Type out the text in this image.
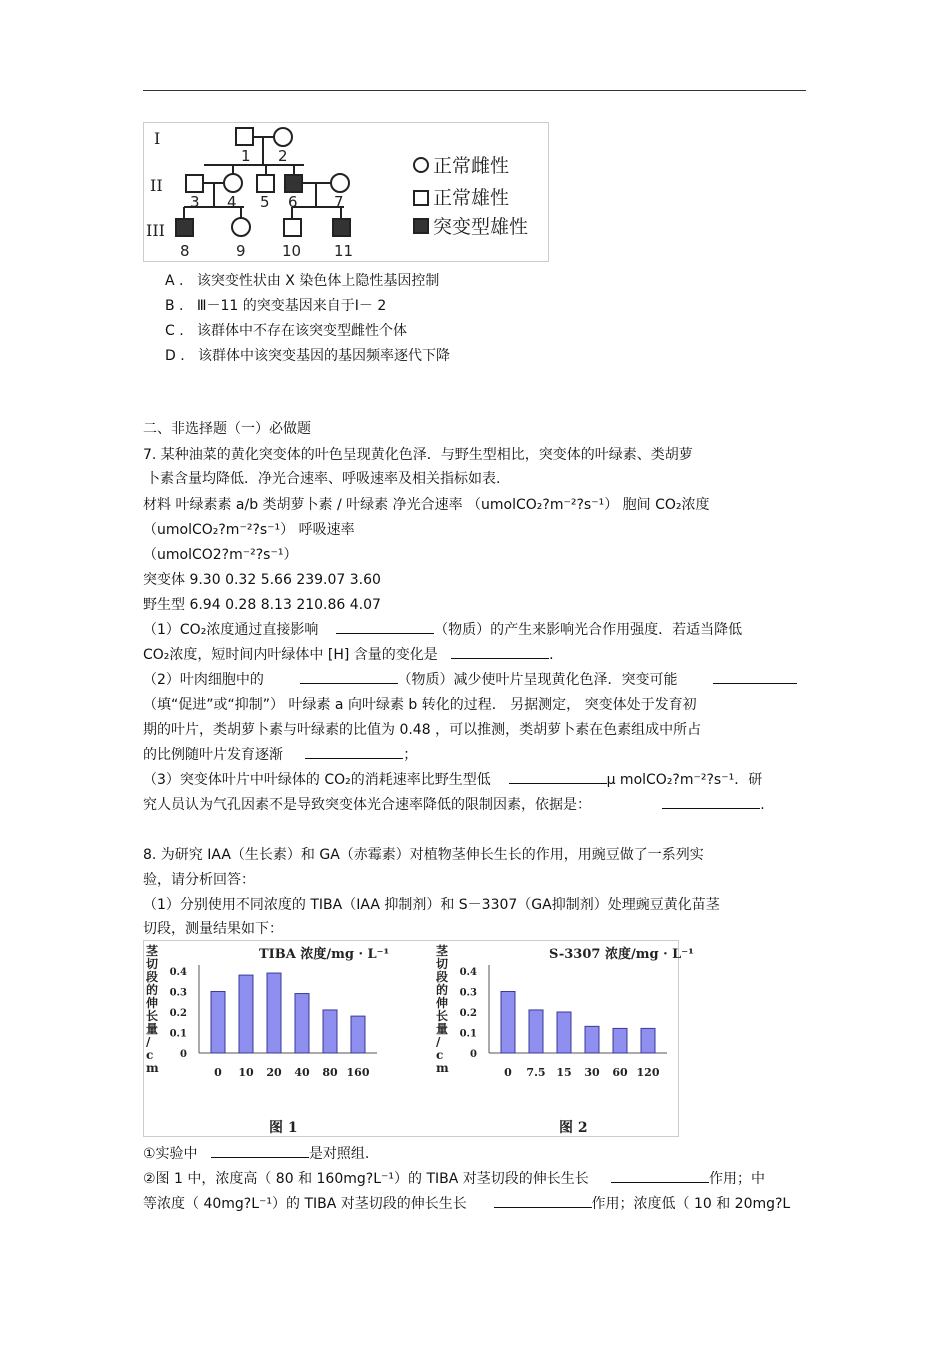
I
II
III
1 2
3 4 5 6 7
8	9 10 11
正常雌性
正常雄性
突变型雄性
A . 该突变性状由 X 染色体上隐性基因控制
B . Ⅲ－11 的突变基因来自于Ⅰ－ 2
C . 该群体中不存在该突变型雌性个体
D . 该群体中该突变基因的基因频率逐代下降
二、非选择题（一）必做题
7. 某种油菜的黄化突变体的叶色呈现黄化色泽．与野生型相比，突变体的叶绿素、类胡萝
卜素含量均降低．净光合速率、呼吸速率及相关指标如表.
材料 叶绿素素 a/b 类胡萝卜素 / 叶绿素 净光合速率 （umolCO₂?m⁻²?s⁻¹） 胞间 CO₂浓度
（umolCO₂?m⁻²?s⁻¹） 呼吸速率
（umolCO2?m⁻²?s⁻¹）
突变体 9.30 0.32 5.66 239.07 3.60
野生型 6.94 0.28 8.13 210.86 4.07
（1）CO₂浓度通过直接影响	（物质）的产生来影响光合作用强度．若适当降低
CO₂浓度，短时间内叶绿体中 [H] 含量的变化是	.
（2）叶肉细胞中的	（物质）减少使叶片呈现黄化色泽．突变可能
（填“促进”或“抑制”） 叶绿素 a 向叶绿素 b 转化的过程． 另据测定， 突变体处于发育初
期的叶片，类胡萝卜素与叶绿素的比值为 0.48 ，可以推测，类胡萝卜素在色素组成中所占
的比例随叶片发育逐渐	；
（3）突变体叶片中叶绿体的 CO₂的消耗速率比野生型低	μ molCO₂?m⁻²?s⁻¹．研
究人员认为气孔因素不是导致突变体光合速率降低的限制因素，依据是：	.
8. 为研究 IAA（生长素）和 GA（赤霉素）对植物茎伸长生长的作用，用豌豆做了一系列实
验，请分析回答：
（1）分别使用不同浓度的 TIBA（IAA 抑制剂）和 S－3307（GA抑制剂）处理豌豆黄化苗茎
切段，测量结果如下：
TIBA 浓度/mg · L⁻¹
茎
切
段
的
伸
长
量
/
c
m
0.4
0.3
0.2
0.1
0
0 10 20 40 80 160
图 1
S-3307 浓度/mg · L⁻¹
茎
切
段
的
伸
长
量
/
c
m
0.4
0.3
0.2
0.1
0
0 7.5 15 30 60 120
图 2
①实验中	是对照组.
②图 1 中，浓度高（ 80 和 160mg?L⁻¹）的 TIBA 对茎切段的伸长生长	作用；中
等浓度（ 40mg?L⁻¹）的 TIBA 对茎切段的伸长生长	作用；浓度低（ 10 和 20mg?L
